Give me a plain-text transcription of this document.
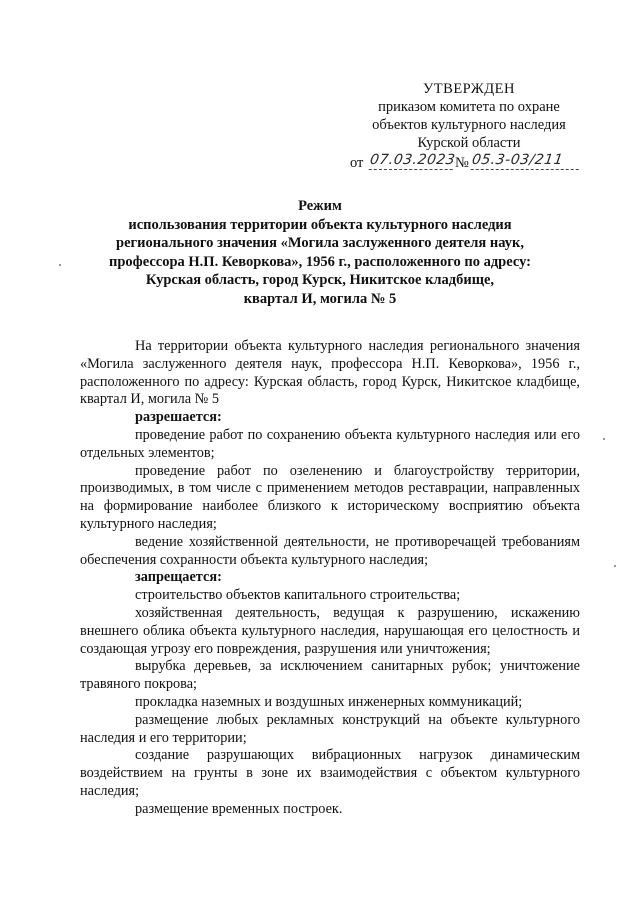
УТВЕРЖДЕН
приказом комитета по охране
объектов культурного наследия
Курской области
от 07.03.2023
№ 05.3-03/211
Режим
использования территории объекта культурного наследия
регионального значения «Могила заслуженного деятеля наук,
профессора Н.П. Кеворкова», 1956 г., расположенного по адресу:
Курская область, город Курск, Никитское кладбище,
квартал И, могила № 5

На территории объекта культурного наследия регионального значения «Могила заслуженного деятеля наук, профессора Н.П. Кеворкова», 1956 г., расположенного по адресу: Курская область, город Курск, Никитское кладбище, квартал И, могила № 5

разрешается:

проведение работ по сохранению объекта культурного наследия или его отдельных элементов;

проведение работ по озеленению и благоустройству территории, производимых, в том числе с применением методов реставрации, направленных на формирование наиболее близкого к историческому восприятию объекта культурного наследия;

ведение хозяйственной деятельности, не противоречащей требованиям обеспечения сохранности объекта культурного наследия;

запрещается:

строительство объектов капитального строительства;

хозяйственная деятельность, ведущая к разрушению, искажению внешнего облика объекта культурного наследия, нарушающая его целостность и создающая угрозу его повреждения, разрушения или уничтожения;

вырубка деревьев, за исключением санитарных рубок; уничтожение травяного покрова;

прокладка наземных и воздушных инженерных коммуникаций;

размещение любых рекламных конструкций на объекте культурного наследия и его территории;

создание разрушающих вибрационных нагрузок динамическим воздействием на грунты в зоне их взаимодействия с объектом культурного наследия;

размещение временных построек.
